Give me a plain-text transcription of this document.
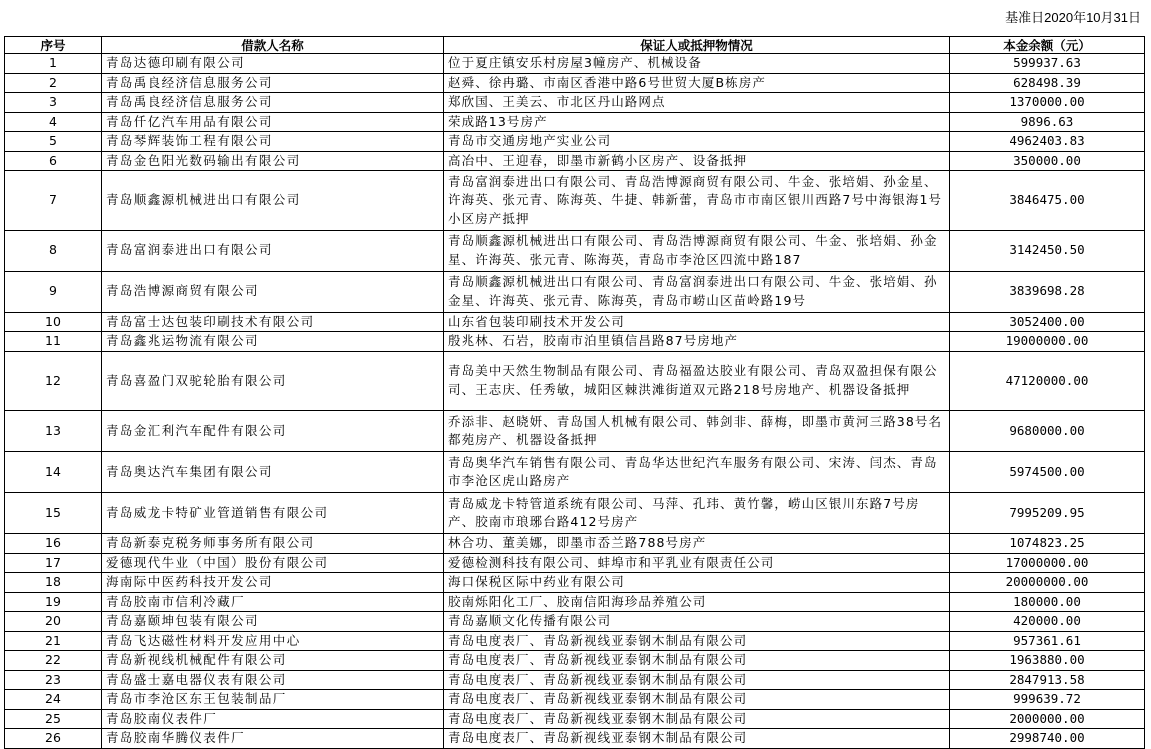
基准日2020年10月31日
序号	借款人名称	保证人或抵押物情况	本金余额（元）
1	青岛达德印刷有限公司	位于夏庄镇安乐村房屋3幢房产、机械设备	599937.63
2	青岛禹良经济信息服务公司	赵舜、徐冉璐、市南区香港中路6号世贸大厦B栋房产	628498.39
3	青岛禹良经济信息服务公司	郑欣国、王美云、市北区丹山路网点	1370000.00
4	青岛仟亿汽车用品有限公司	荣成路13号房产	9896.63
5	青岛琴辉装饰工程有限公司	青岛市交通房地产实业公司	4962403.83
6	青岛金色阳光数码输出有限公司	高冶中、王迎春，即墨市新鹤小区房产、设备抵押	350000.00
7	青岛顺鑫源机械进出口有限公司	青岛富润泰进出口有限公司、青岛浩博源商贸有限公司、牛金、张培娟、孙金星、许海英、张元青、陈海英、牛捷、韩新蕾，青岛市市南区银川西路7号中海银海1号小区房产抵押	3846475.00
8	青岛富润泰进出口有限公司	青岛顺鑫源机械进出口有限公司、青岛浩博源商贸有限公司、牛金、张培娟、孙金星、许海英、张元青、陈海英，青岛市李沧区四流中路187	3142450.50
9	青岛浩博源商贸有限公司	青岛顺鑫源机械进出口有限公司、青岛富润泰进出口有限公司、牛金、张培娟、孙金星、许海英、张元青、陈海英，青岛市崂山区苗岭路19号	3839698.28
10	青岛富士达包装印刷技术有限公司	山东省包装印刷技术开发公司	3052400.00
11	青岛鑫兆运物流有限公司	殷兆林、石岩，胶南市泊里镇信昌路87号房地产	19000000.00
12	青岛喜盈门双驼轮胎有限公司	青岛美中天然生物制品有限公司、青岛福盈达胶业有限公司、青岛双盈担保有限公司、王志庆、任秀敏，城阳区棘洪滩街道双元路218号房地产、机器设备抵押	47120000.00
13	青岛金汇利汽车配件有限公司	乔添非、赵晓妍、青岛国人机械有限公司、韩剑非、薛梅，即墨市黄河三路38号名都苑房产、机器设备抵押	9680000.00
14	青岛奥达汽车集团有限公司	青岛奥华汽车销售有限公司、青岛华达世纪汽车服务有限公司、宋涛、闫杰、青岛市李沧区虎山路房产	5974500.00
15	青岛威龙卡特矿业管道销售有限公司	青岛威龙卡特管道系统有限公司、马萍、孔玮、黄竹馨，崂山区银川东路7号房产、胶南市琅琊台路412号房产	7995209.95
16	青岛新泰克税务师事务所有限公司	林合功、董美娜，即墨市岙兰路788号房产	1074823.25
17	爱德现代牛业（中国）股份有限公司	爱德检测科技有限公司、蚌埠市和平乳业有限责任公司	17000000.00
18	海南际中医药科技开发公司	海口保税区际中药业有限公司	20000000.00
19	青岛胶南市信利冷藏厂	胶南烁阳化工厂、胶南信阳海珍品养殖公司	180000.00
20	青岛嘉颐坤包装有限公司	青岛嘉顺文化传播有限公司	420000.00
21	青岛飞达磁性材料开发应用中心	青岛电度表厂、青岛新视线亚泰钢木制品有限公司	957361.61
22	青岛新视线机械配件有限公司	青岛电度表厂、青岛新视线亚泰钢木制品有限公司	1963880.00
23	青岛盛士嘉电器仪表有限公司	青岛电度表厂、青岛新视线亚泰钢木制品有限公司	2847913.58
24	青岛市李沧区东王包装制品厂	青岛电度表厂、青岛新视线亚泰钢木制品有限公司	999639.72
25	青岛胶南仪表件厂	青岛电度表厂、青岛新视线亚泰钢木制品有限公司	2000000.00
26	青岛胶南华腾仪表件厂	青岛电度表厂、青岛新视线亚泰钢木制品有限公司	2998740.00
